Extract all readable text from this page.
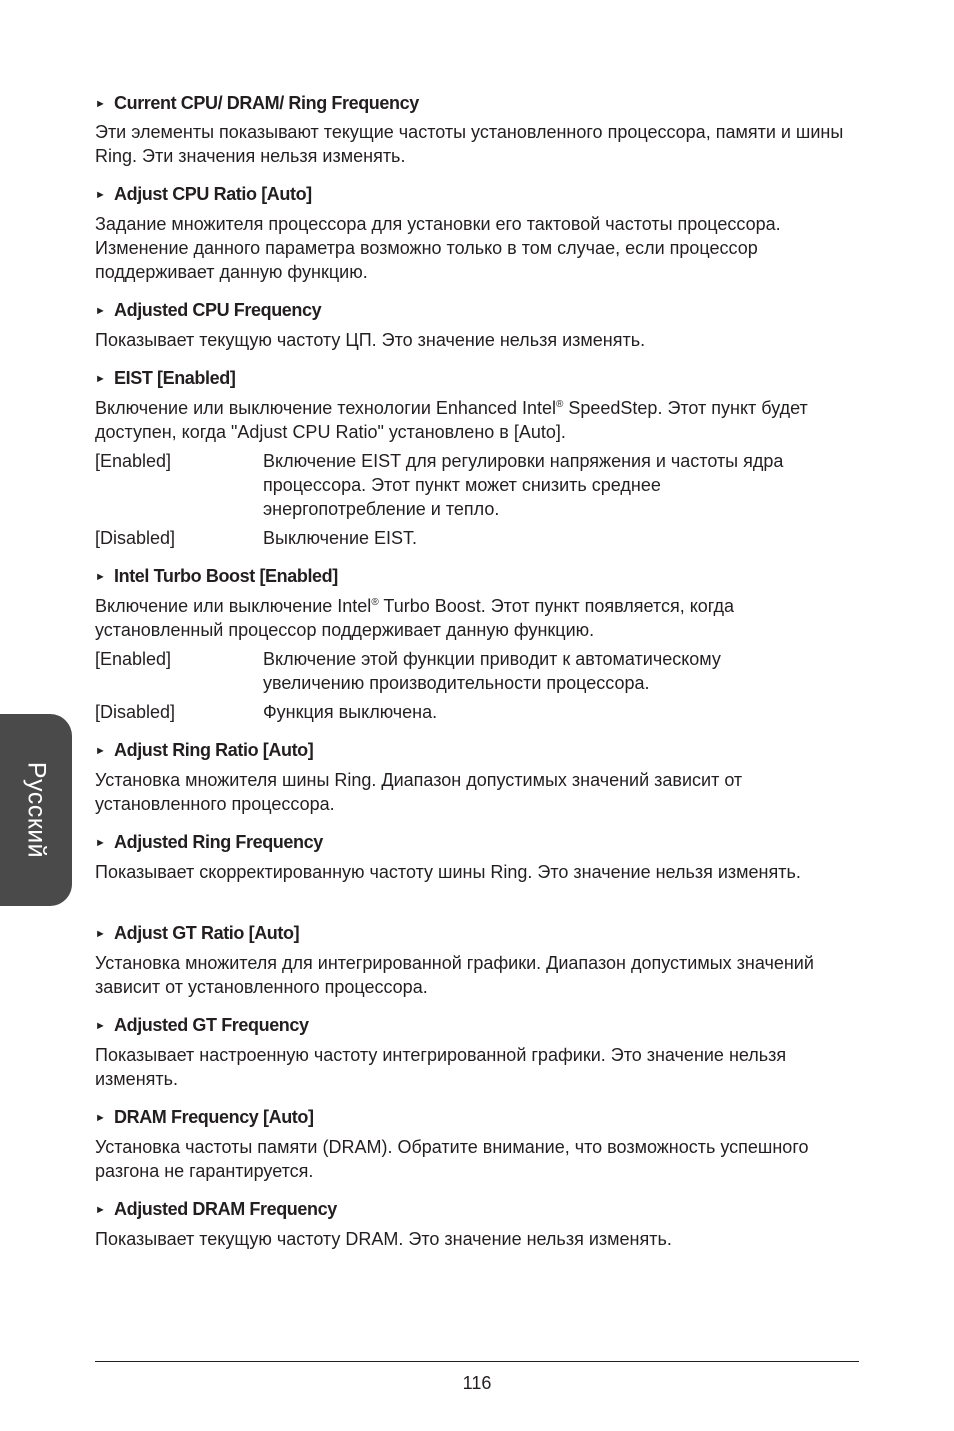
Русский
► Current CPU/ DRAM/ Ring Frequency
Эти элементы показывают текущие частоты установленного процессора, памяти и шины Ring. Эти значения нельзя изменять.
► Adjust CPU Ratio [Auto]
Задание множителя процессора для установки его тактовой частоты процессора. Изменение данного параметра возможно только в том случае, если процессор поддерживает данную функцию.
► Adjusted CPU Frequency
Показывает текущую частоту ЦП. Это значение нельзя изменять.
► EIST [Enabled]
Включение или выключение технологии Enhanced Intel® SpeedStep. Этот пункт будет доступен, когда "Adjust CPU Ratio" установлено в [Auto].
[Enabled]	Включение EIST для регулировки напряжения и частоты ядра процессора. Этот пункт может снизить среднее энергопотребление и тепло.
[Disabled]	Выключение EIST.
► Intel Turbo Boost [Enabled]
Включение или выключение Intel® Turbo Boost. Этот пункт появляется, когда установленный процессор поддерживает данную функцию.
[Enabled]	Включение этой функции приводит к автоматическому увеличению производительности процессора.
[Disabled]	Функция выключена.
► Adjust Ring Ratio [Auto]
Установка множителя шины Ring. Диапазон допустимых значений зависит от установленного процессора.
► Adjusted Ring Frequency
Показывает скорректированную частоту шины Ring. Это значение нельзя изменять.
► Adjust GT Ratio [Auto]
Установка множителя для интегрированной графики. Диапазон допустимых значений зависит от установленного процессора.
► Adjusted GT Frequency
Показывает настроенную частоту интегрированной графики. Это значение нельзя изменять.
► DRAM Frequency [Auto]
Установка частоты памяти (DRAM). Обратите внимание, что возможность успешного разгона не гарантируется.
► Adjusted DRAM Frequency
Показывает текущую частоту DRAM. Это значение нельзя изменять.
116
